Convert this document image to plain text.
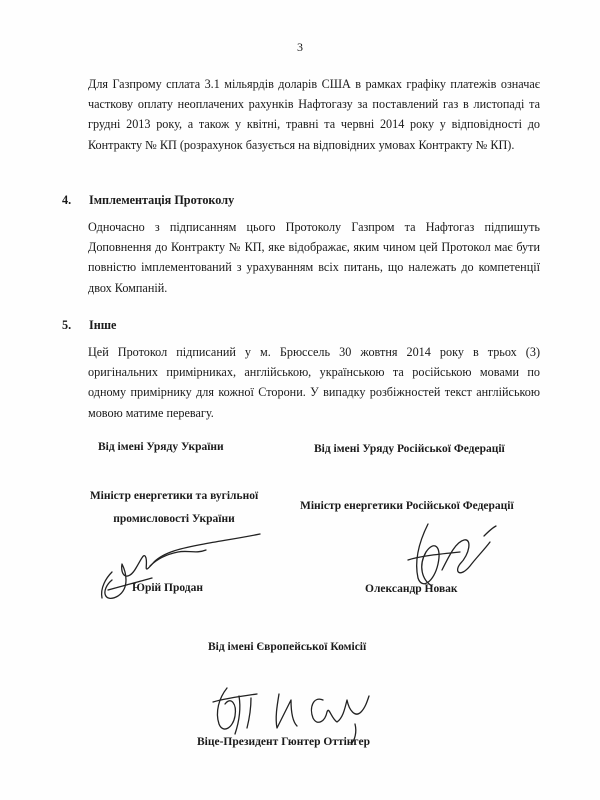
3

Для Газпрому сплата 3.1 мільярдів доларів США в рамках графіку платежів означає часткову оплату неоплачених рахунків Нафтогазу за поставлений газ в листопаді та грудні 2013 року, а також у квітні, травні та червні 2014 року у відповідності до Контракту № КП (розрахунок базується на відповідних умовах Контракту № КП).

4. Імплементація Протоколу

Одночасно з підписанням цього Протоколу Газпром та Нафтогаз підпишуть Доповнення до Контракту № КП, яке відображає, яким чином цей Протокол має бути повністю імплементований з урахуванням всіх питань, що належать до компетенції двох Компаній.

5. Інше

Цей Протокол підписаний у м. Брюссель 30 жовтня 2014 року в трьох (3) оригінальних примірниках, англійською, українською та російською мовами по одному примірнику для кожної Сторони. У випадку розбіжностей текст англійською мовою матиме перевагу.

Від імені Уряду України
Міністр енергетики та вугільної
промисловості України
Юрій Продан
Від імені Уряду Російської Федерації
Міністр енергетики Російської Федерації
Олександр Новак
Від імені Європейської Комісії
Віце-Президент Гюнтер Оттінгер
